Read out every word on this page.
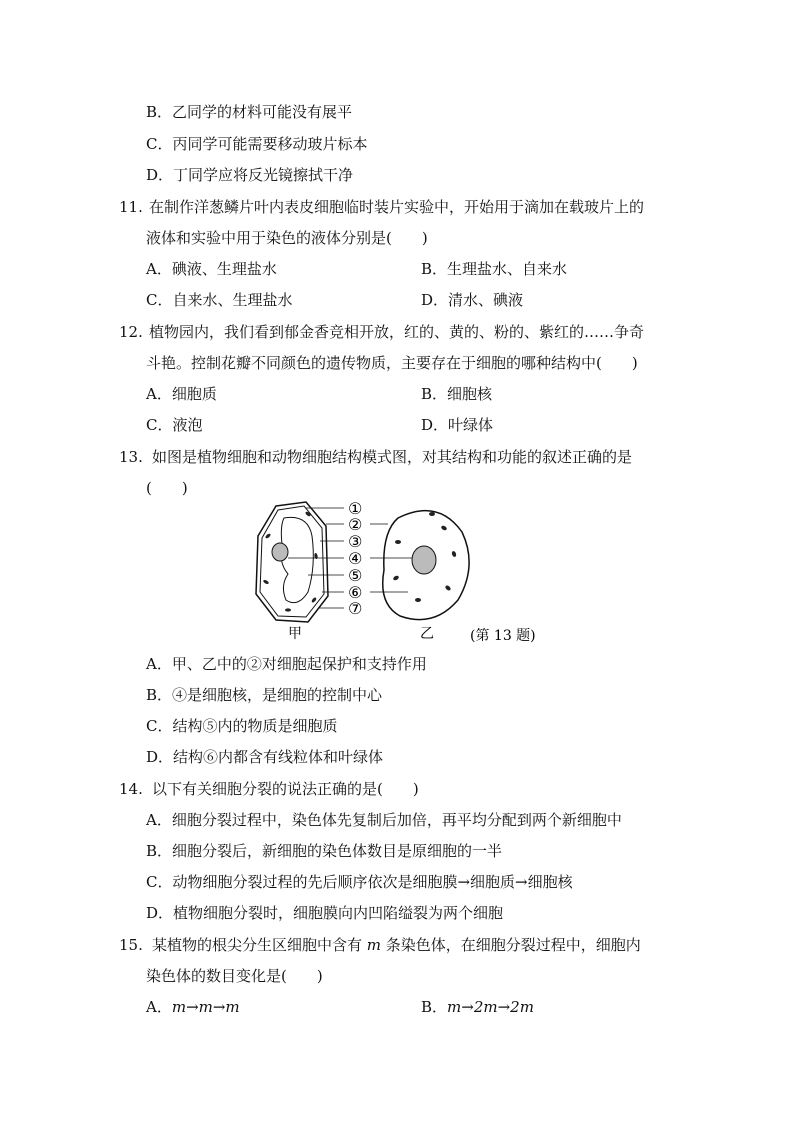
B．乙同学的材料可能没有展平
C．丙同学可能需要移动玻片标本
D．丁同学应将反光镜擦拭干净
11. 在制作洋葱鳞片叶内表皮细胞临时装片实验中，开始用于滴加在载玻片上的
液体和实验中用于染色的液体分别是(　　)
A．碘液、生理盐水	B．生理盐水、自来水
C．自来水、生理盐水	D．清水、碘液
12. 植物园内，我们看到郁金香竞相开放，红的、黄的、粉的、紫红的……争奇
斗艳。控制花瓣不同颜色的遗传物质，主要存在于细胞的哪种结构中(　　)
A．细胞质	B．细胞核
C．液泡	D．叶绿体
13. 如图是植物细胞和动物细胞结构模式图，对其结构和功能的叙述正确的是
(　　)
①
②
③
④
⑤
⑥
⑦
甲	乙	(第 13 题)
A．甲、乙中的②对细胞起保护和支持作用
B．④是细胞核，是细胞的控制中心
C．结构⑤内的物质是细胞质
D．结构⑥内都含有线粒体和叶绿体
14. 以下有关细胞分裂的说法正确的是(　　)
A．细胞分裂过程中，染色体先复制后加倍，再平均分配到两个新细胞中
B．细胞分裂后，新细胞的染色体数目是原细胞的一半
C．动物细胞分裂过程的先后顺序依次是细胞膜→细胞质→细胞核
D．植物细胞分裂时，细胞膜向内凹陷缢裂为两个细胞
15. 某植物的根尖分生区细胞中含有 m 条染色体，在细胞分裂过程中，细胞内
染色体的数目变化是(　　)
A．m→m→m	B．m→2m→2m
